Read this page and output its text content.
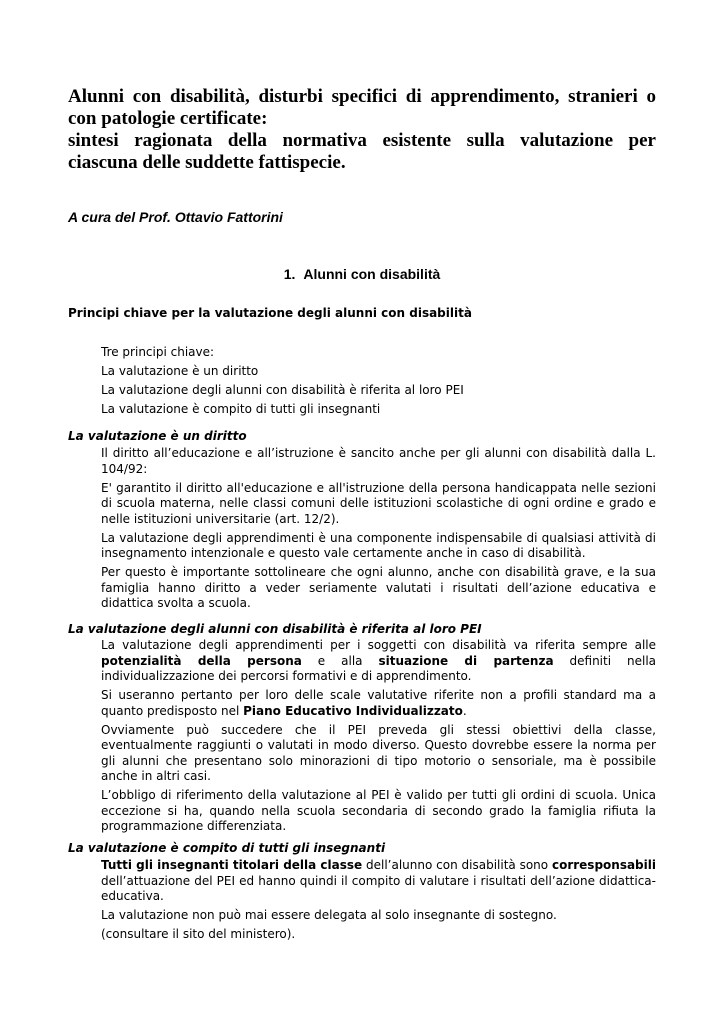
Alunni con disabilità, disturbi specifici di apprendimento, stranieri o
con patologie certificate:
sintesi ragionata della normativa esistente sulla valutazione per
ciascuna delle suddette fattispecie.

A cura del Prof. Ottavio Fattorini

1. Alunni con disabilità
Principi chiave per la valutazione degli alunni con disabilità
Tre principi chiave:
La valutazione è un diritto
La valutazione degli alunni con disabilità è riferita al loro PEI
La valutazione è compito di tutti gli insegnanti
La valutazione è un diritto

Il diritto all’educazione e all’istruzione è sancito anche per gli alunni con disabilità dalla L. 104/92:

E' garantito il diritto all'educazione e all'istruzione della persona handicappata nelle sezioni di scuola materna, nelle classi comuni delle istituzioni scolastiche di ogni ordine e grado e nelle istituzioni universitarie (art. 12/2).

La valutazione degli apprendimenti è una componente indispensabile di qualsiasi attività di insegnamento intenzionale e questo vale certamente anche in caso di disabilità.

Per questo è importante sottolineare che ogni alunno, anche con disabilità grave, e la sua famiglia hanno diritto a veder seriamente valutati i risultati dell’azione educativa e didattica svolta a scuola.

La valutazione degli alunni con disabilità è riferita al loro PEI

La valutazione degli apprendimenti per i soggetti con disabilità va riferita sempre alle potenzialità della persona e alla situazione di partenza definiti nella individualizzazione dei percorsi formativi e di apprendimento.

Si useranno pertanto per loro delle scale valutative riferite non a profili standard ma a quanto predisposto nel Piano Educativo Individualizzato.

Ovviamente può succedere che il PEI preveda gli stessi obiettivi della classe, eventualmente raggiunti o valutati in modo diverso. Questo dovrebbe essere la norma per gli alunni che presentano solo minorazioni di tipo motorio o sensoriale, ma è possibile anche in altri casi.

L’obbligo di riferimento della valutazione al PEI è valido per tutti gli ordini di scuola. Unica eccezione si ha, quando nella scuola secondaria di secondo grado la famiglia rifiuta la programmazione differenziata.

La valutazione è compito di tutti gli insegnanti

Tutti gli insegnanti titolari della classe dell’alunno con disabilità sono corresponsabili dell’attuazione del PEI ed hanno quindi il compito di valutare i risultati dell’azione didattica-educativa.

La valutazione non può mai essere delegata al solo insegnante di sostegno.

(consultare il sito del ministero).
